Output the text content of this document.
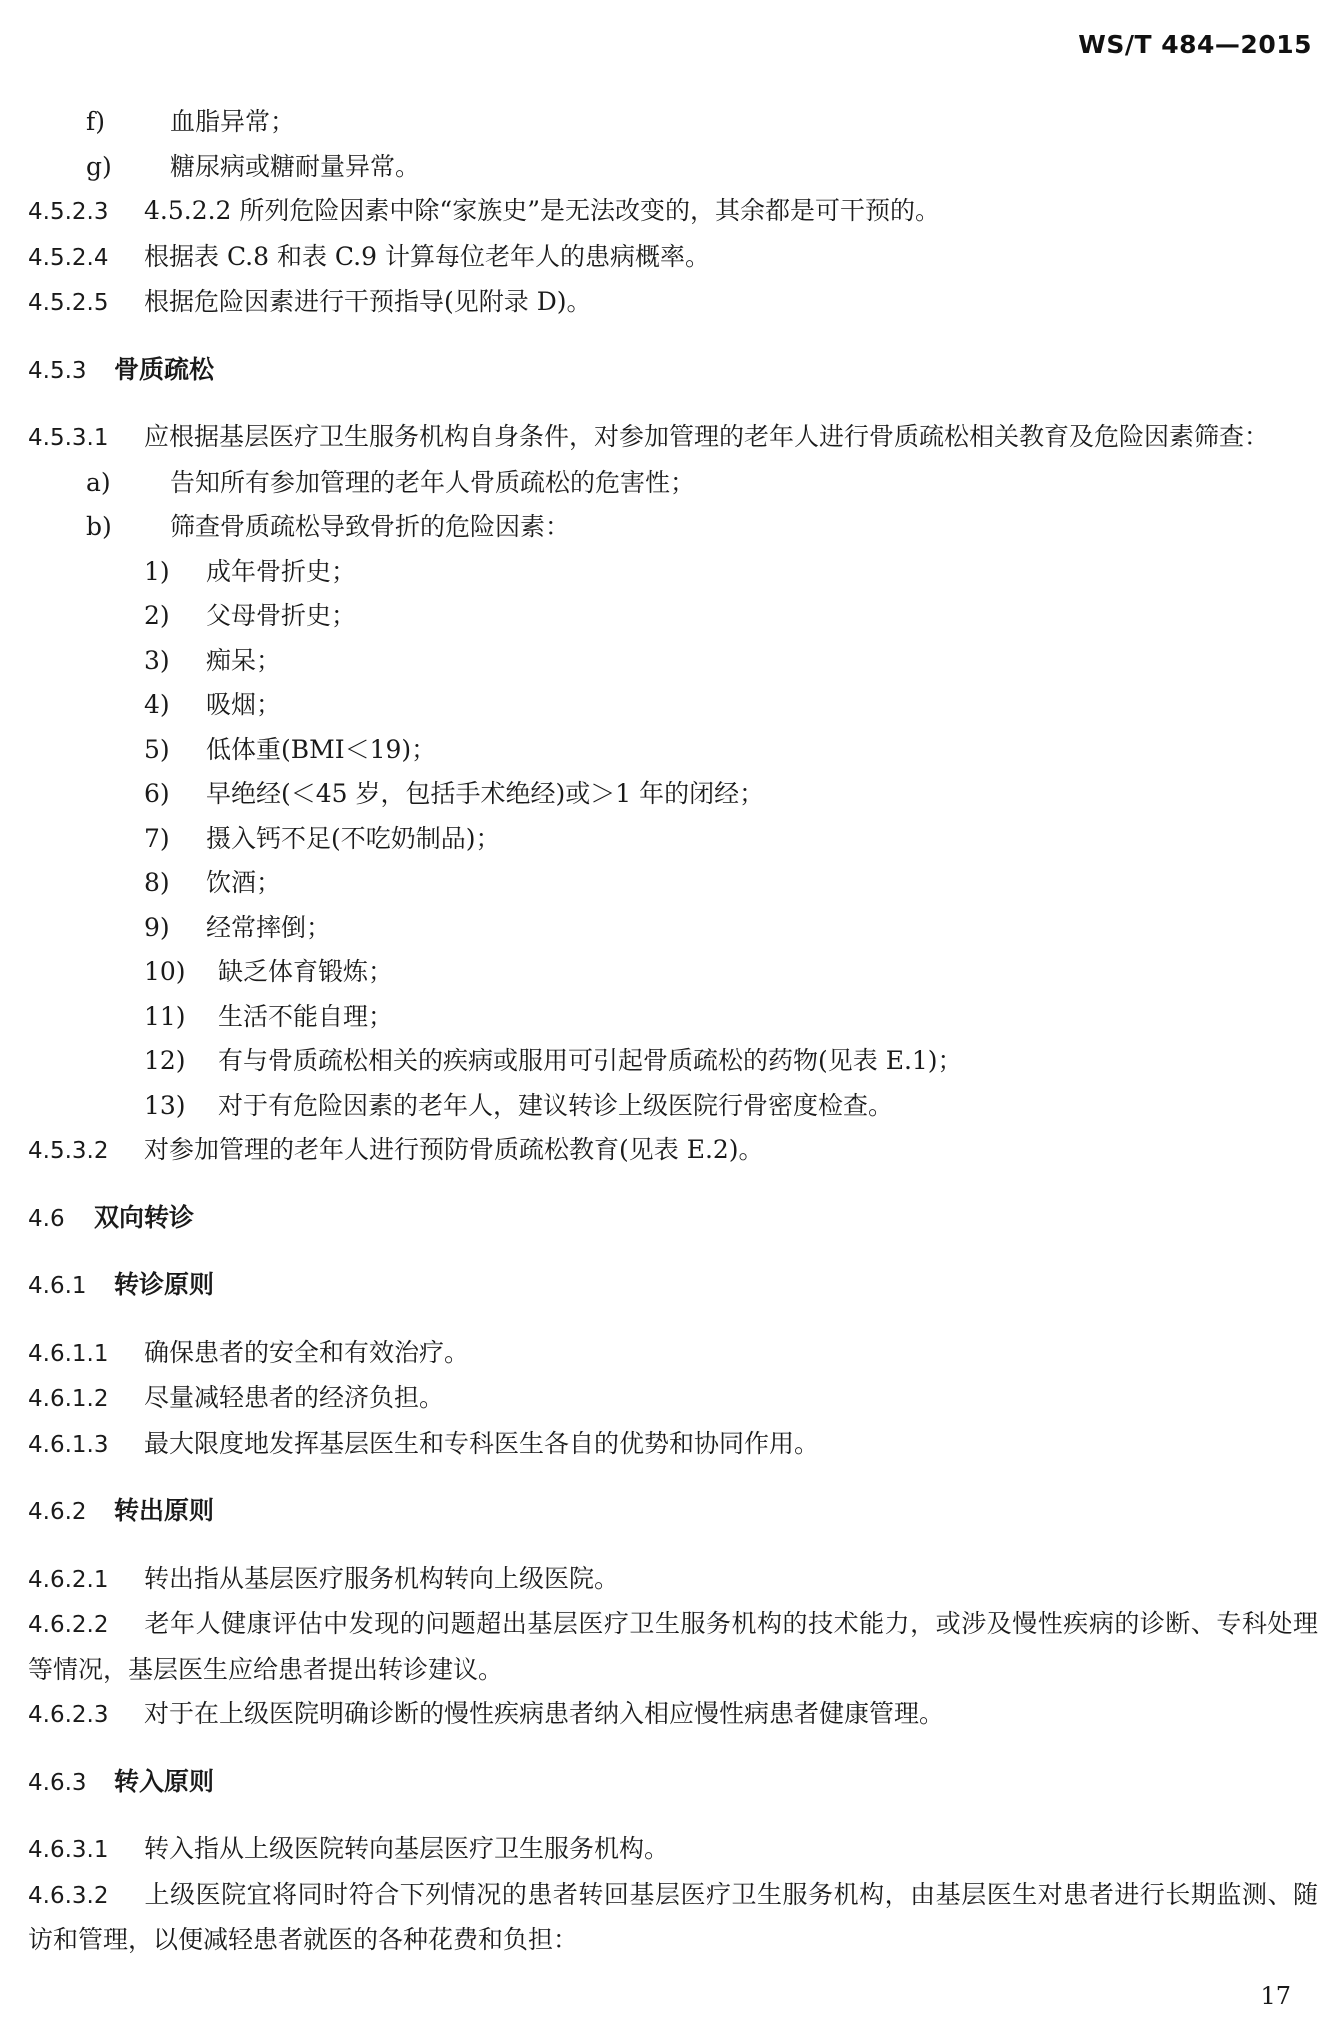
WS/T 484—2015
f)	血脂异常；
g) 糖尿病或糖耐量异常。
4.5.2.3 4.5.2.2 所列危险因素中除“家族史”是无法改变的，其余都是可干预的。
4.5.2.4 根据表 C.8 和表 C.9 计算每位老年人的患病概率。
4.5.2.5 根据危险因素进行干预指导(见附录 D)。
4.5.3 骨质疏松
4.5.3.1 应根据基层医疗卫生服务机构自身条件，对参加管理的老年人进行骨质疏松相关教育及危险因素筛查：
a) 告知所有参加管理的老年人骨质疏松的危害性；
b) 筛查骨质疏松导致骨折的危险因素：
1) 成年骨折史；
2) 父母骨折史；
3) 痴呆；
4) 吸烟；
5) 低体重(BMI＜19)；
6) 早绝经(＜45 岁，包括手术绝经)或＞1 年的闭经；
7) 摄入钙不足(不吃奶制品)；
8) 饮酒；
9) 经常摔倒；
10) 缺乏体育锻炼；
11) 生活不能自理；
12) 有与骨质疏松相关的疾病或服用可引起骨质疏松的药物(见表 E.1)；
13) 对于有危险因素的老年人，建议转诊上级医院行骨密度检查。
4.5.3.2 对参加管理的老年人进行预防骨质疏松教育(见表 E.2)。
4.6 双向转诊
4.6.1 转诊原则
4.6.1.1 确保患者的安全和有效治疗。
4.6.1.2 尽量减轻患者的经济负担。
4.6.1.3 最大限度地发挥基层医生和专科医生各自的优势和协同作用。
4.6.2 转出原则
4.6.2.1 转出指从基层医疗服务机构转向上级医院。
4.6.2.2 老年人健康评估中发现的问题超出基层医疗卫生服务机构的技术能力，或涉及慢性疾病的诊断、专科处理等情况，基层医生应给患者提出转诊建议。
4.6.2.3 对于在上级医院明确诊断的慢性疾病患者纳入相应慢性病患者健康管理。
4.6.3 转入原则
4.6.3.1 转入指从上级医院转向基层医疗卫生服务机构。
4.6.3.2 上级医院宜将同时符合下列情况的患者转回基层医疗卫生服务机构，由基层医生对患者进行长期监测、随访和管理，以便减轻患者就医的各种花费和负担：
17
